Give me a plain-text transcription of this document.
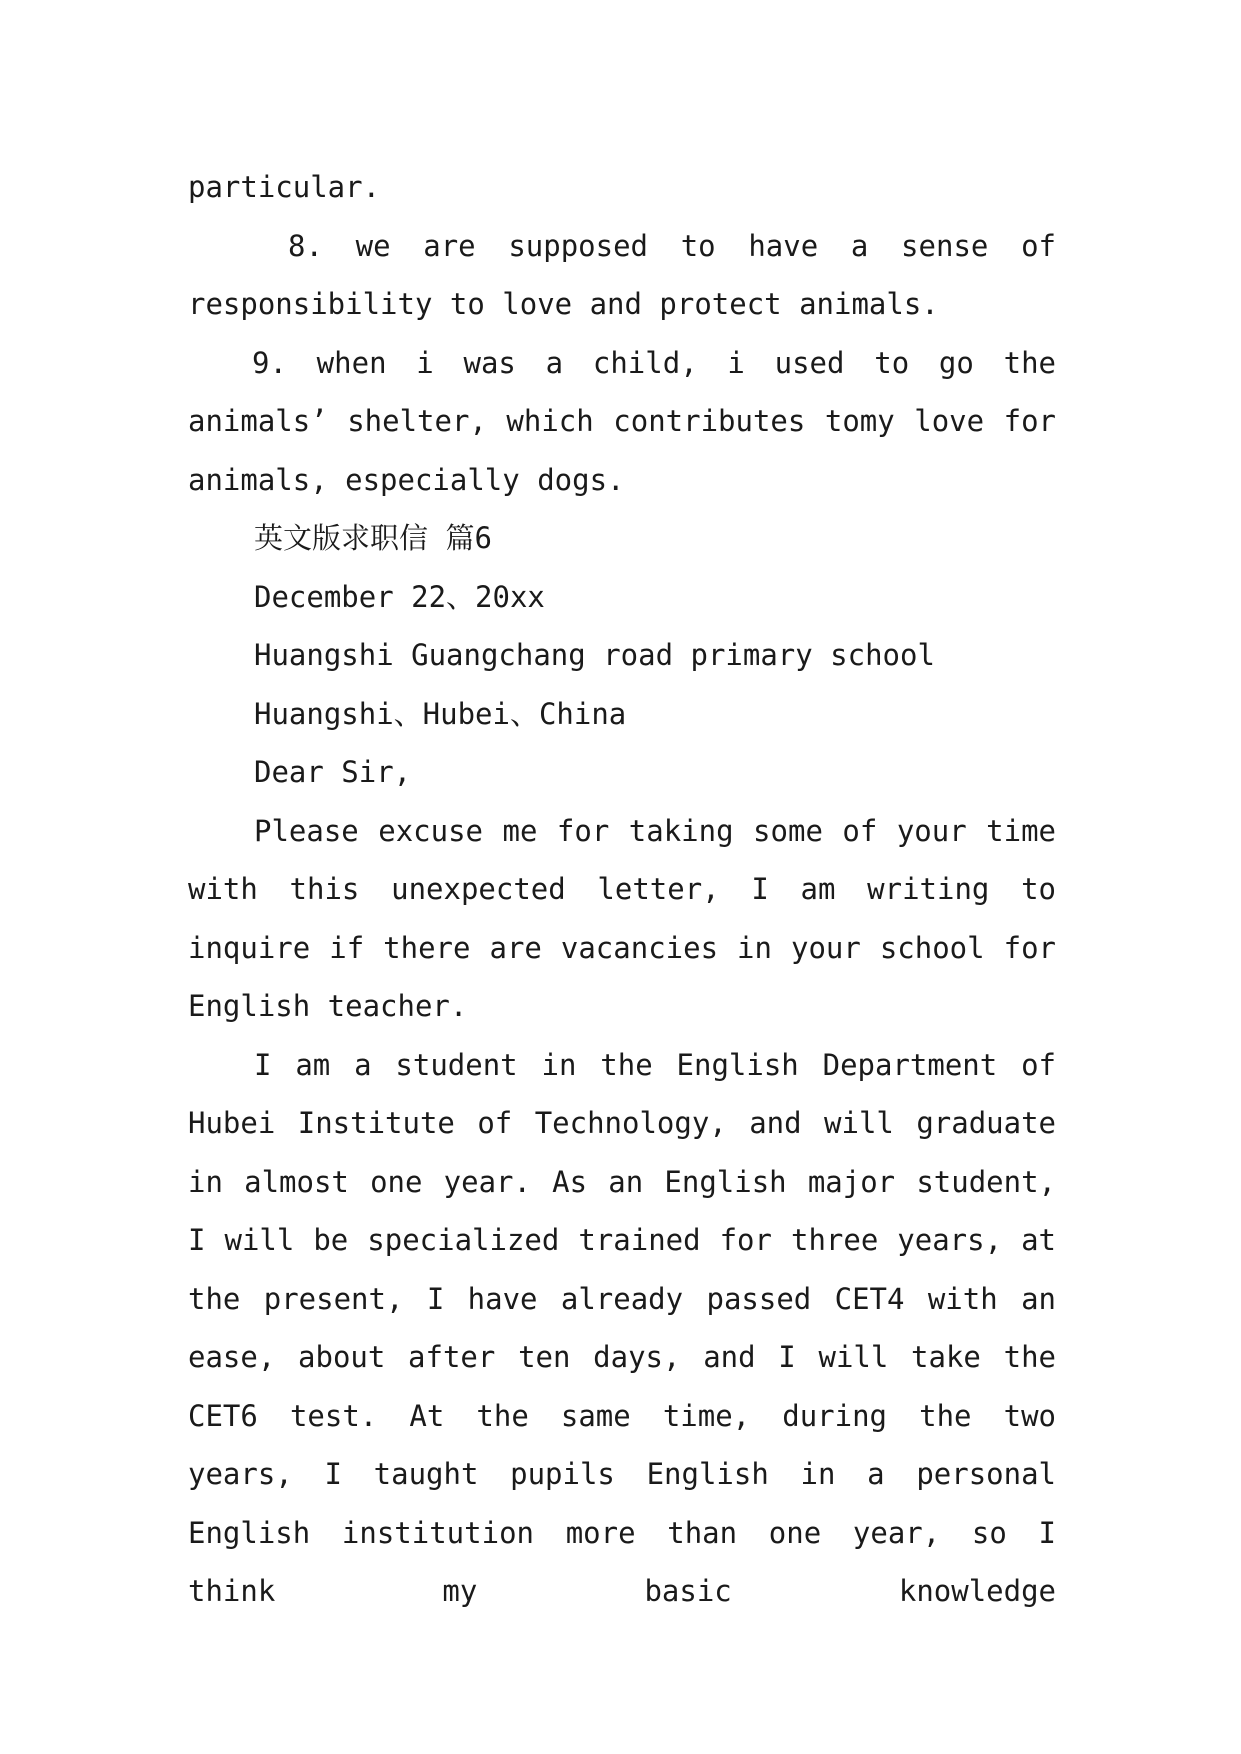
particular.

8. we are supposed to have a sense of responsibility to love and protect animals.

9. when i was a child, i used to go the animals’ shelter, which contributes tomy love for animals, especially dogs.

英文版求职信 篇6

December 22、20xx

Huangshi Guangchang road primary school

Huangshi、Hubei、China

Dear Sir,

Please excuse me for taking some of your time with this unexpected letter, I am writing to inquire if there are vacancies in your school for English teacher.

I am a student in the English Department of Hubei Institute of Technology, and will graduate in almost one year. As an English major student, I will be specialized trained for three years, at the present, I have already passed CET4 with an ease, about after ten days, and I will take the CET6 test. At the same time, during the two years, I taught pupils English in a personal English institution more than one year, so I think my basic knowledge
